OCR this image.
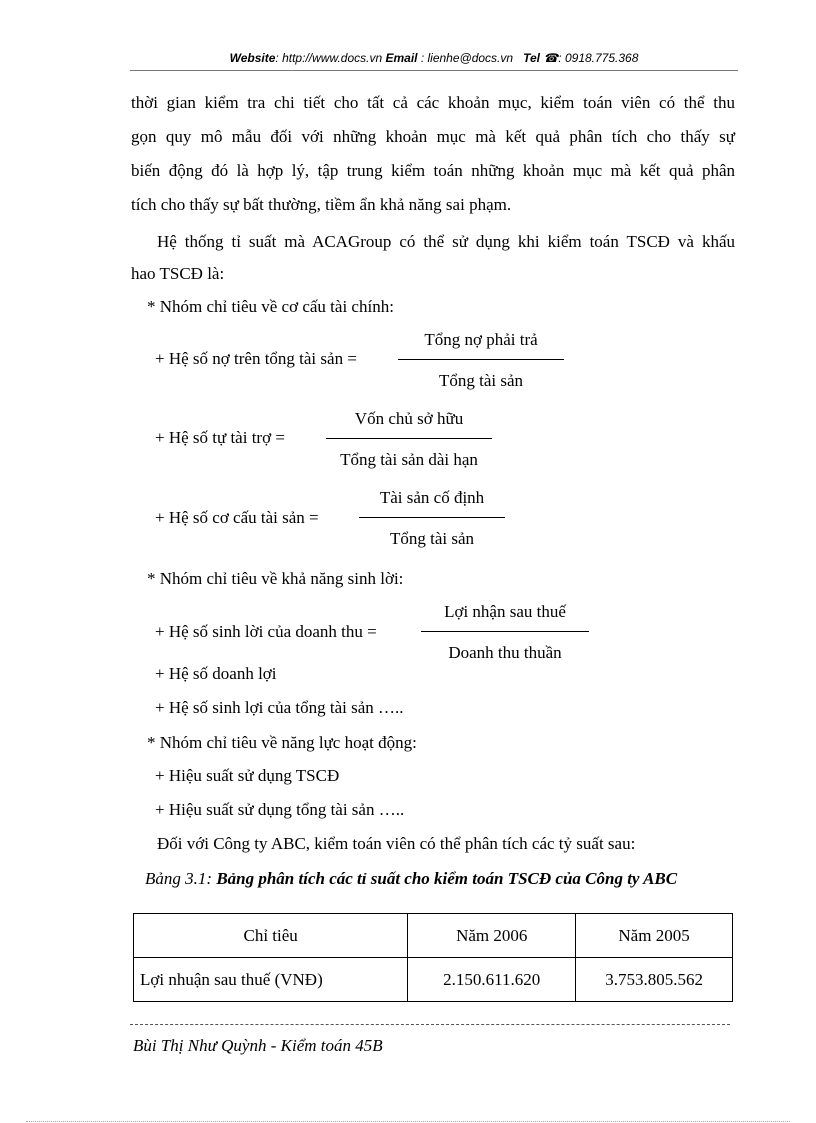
Website: http://www.docs.vn Email : lienhe@docs.vn Tel ☎: 0918.775.368
thời gian kiểm tra chi tiết cho tất cả các khoản mục, kiểm toán viên có thể thu
gọn quy mô mẫu đối với những khoản mục mà kết quả phân tích cho thấy sự
biến động đó là hợp lý, tập trung kiểm toán những khoản mục mà kết quả phân
tích cho thấy sự bất thường, tiềm ẩn khả năng sai phạm.
Hệ thống tỉ suất mà ACAGroup có thể sử dụng khi kiểm toán TSCĐ và khấu
hao TSCĐ là:
* Nhóm chỉ tiêu về cơ cấu tài chính:
+ Hệ số nợ trên tổng tài sản =
Tổng nợ phải trả
Tổng tài sản
+ Hệ số tự tài trợ =
Vốn chủ sở hữu
Tổng tài sản dài hạn
+ Hệ số cơ cấu tài sản =
Tài sản cố định
Tổng tài sản
* Nhóm chỉ tiêu về khả năng sinh lời:
+ Hệ số sinh lời của doanh thu =
Lợi nhận sau thuế
Doanh thu thuần
+ Hệ số doanh lợi
+ Hệ số sinh lợi của tổng tài sản …..
* Nhóm chỉ tiêu về năng lực hoạt động:
+ Hiệu suất sử dụng TSCĐ
+ Hiệu suất sử dụng tổng tài sản …..
Đối với Công ty ABC, kiểm toán viên có thể phân tích các tỷ suất sau:
Bảng 3.1: Bảng phân tích các tỉ suất cho kiểm toán TSCĐ của Công ty ABC
Chỉ tiêu	Năm 2006	Năm 2005
Lợi nhuận sau thuế (VNĐ)	2.150.611.620	3.753.805.562
Bùi Thị Như Quỳnh - Kiểm toán 45B
